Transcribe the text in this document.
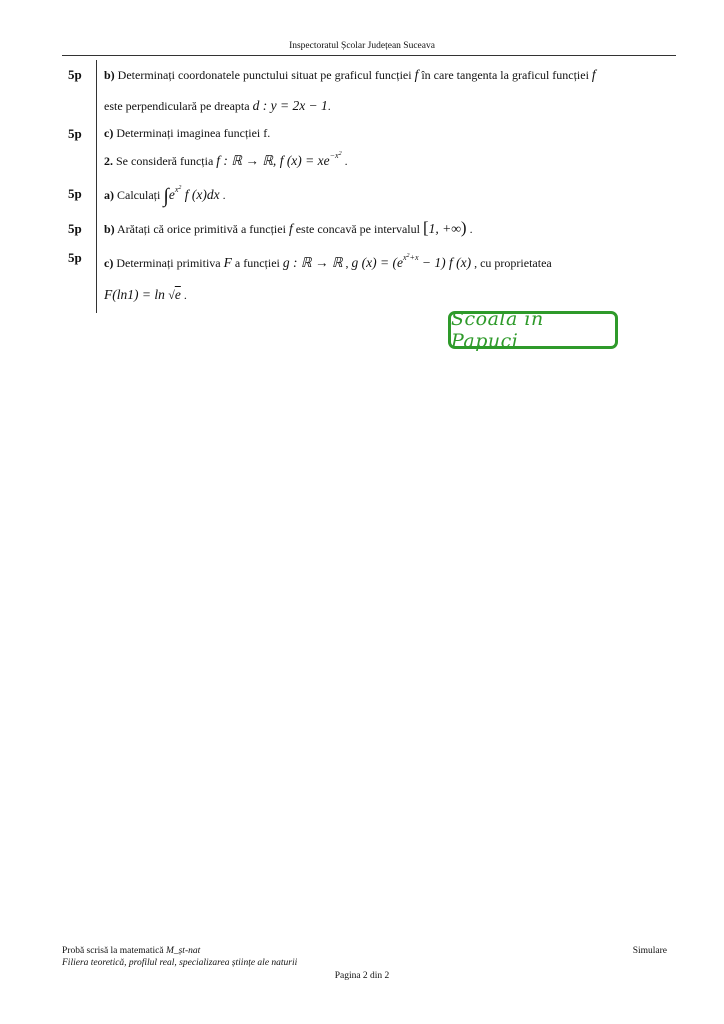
Inspectoratul Școlar Județean Suceava
5p b) Determinați coordonatele punctului situat pe graficul funcției f în care tangenta la graficul funcției f
este perpendiculară pe dreapta d : y = 2x − 1.
5p c) Determinați imaginea funcției f.
2. Se consideră funcția f : ℝ → ℝ, f $(x) = xe^{-x^2}$ .
5p a) Calculați $\int e^{x^2}$ f (x)dx .
5p b) Arătați că orice primitivă a funcției f este concavă pe intervalul [1, +∞) .
5p c) Determinați primitiva F a funcției g : ℝ → ℝ , g $(x) = (e^{x^2+x} - 1)$ f (x) , cu proprietatea
F(ln1) = ln √e .
Scoala in Papuci
Probă scrisă la matematică M_șt-nat
Filiera teoretică, profilul real, specializarea științe ale naturii
Simulare
Pagina 2 din 2
